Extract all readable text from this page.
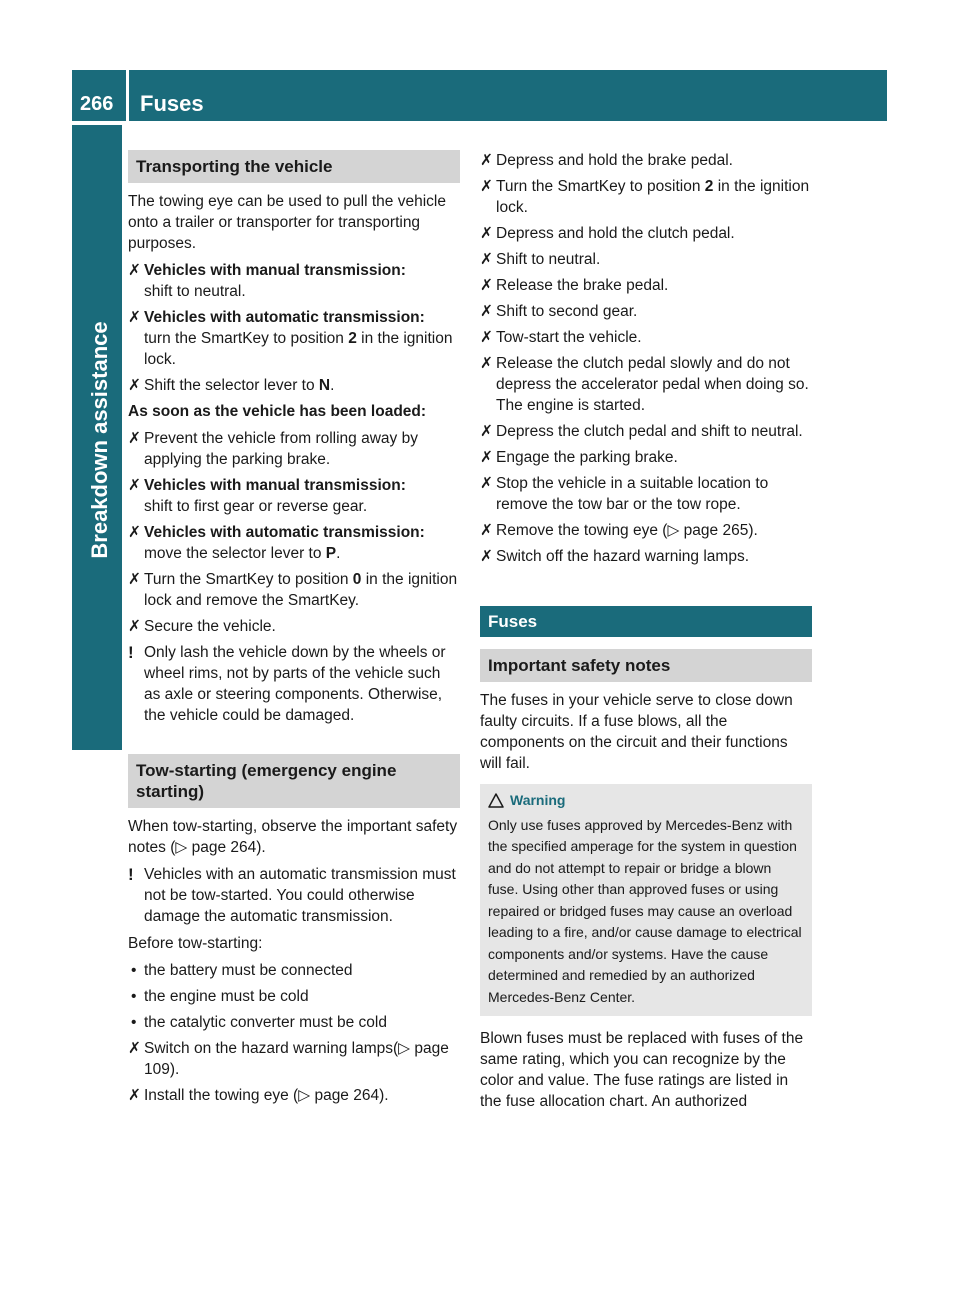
266 Fuses
Breakdown assistance
Transporting the vehicle

The towing eye can be used to pull the vehicle onto a trailer or transporter for transporting purposes.

✗ Vehicles with manual transmission:
shift to neutral.
✗ Vehicles with automatic transmission:
turn the SmartKey to position 2 in the ignition lock.
✗ Shift the selector lever to N.

As soon as the vehicle has been loaded:

✗ Prevent the vehicle from rolling away by applying the parking brake.
✗ Vehicles with manual transmission:
shift to first gear or reverse gear.
✗ Vehicles with automatic transmission:
move the selector lever to P.
✗ Turn the SmartKey to position 0 in the ignition lock and remove the SmartKey.
✗ Secure the vehicle.
! Only lash the vehicle down by the wheels or wheel rims, not by parts of the vehicle such as axle or steering components. Otherwise, the vehicle could be damaged.
Tow-starting (emergency engine starting)

When tow-starting, observe the important safety notes (▷ page 264).

! Vehicles with an automatic transmission must not be tow-started. You could otherwise damage the automatic transmission.

Before tow-starting:

• the battery must be connected
• the engine must be cold
• the catalytic converter must be cold
✗ Switch on the hazard warning lamps(▷ page 109).
✗ Install the towing eye (▷ page 264).
✗ Depress and hold the brake pedal.
✗ Turn the SmartKey to position 2 in the ignition lock.
✗ Depress and hold the clutch pedal.
✗ Shift to neutral.
✗ Release the brake pedal.
✗ Shift to second gear.
✗ Tow-start the vehicle.
✗ Release the clutch pedal slowly and do not depress the accelerator pedal when doing so.
The engine is started.
✗ Depress the clutch pedal and shift to neutral.
✗ Engage the parking brake.
✗ Stop the vehicle in a suitable location to remove the tow bar or the tow rope.
✗ Remove the towing eye (▷ page 265).
✗ Switch off the hazard warning lamps.
Fuses
Important safety notes

The fuses in your vehicle serve to close down faulty circuits. If a fuse blows, all the components on the circuit and their functions will fail.

Warning
Only use fuses approved by Mercedes-Benz with the specified amperage for the system in question and do not attempt to repair or bridge a blown fuse. Using other than approved fuses or using repaired or bridged fuses may cause an overload leading to a fire, and/or cause damage to electrical components and/or systems. Have the cause determined and remedied by an authorized Mercedes-Benz Center.

Blown fuses must be replaced with fuses of the same rating, which you can recognize by the color and value. The fuse ratings are listed in the fuse allocation chart. An authorized
